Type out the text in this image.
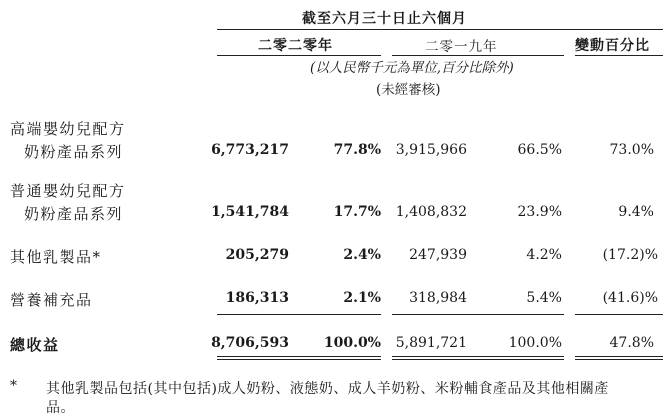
截至六月三十日止六個月
二零二零年	二零一九年	變動百分比
(以人民幣千元為單位,百分比除外)
(未經審核)
高端嬰幼兒配方
奶粉產品系列	6,773,217	77.8% 3,915,966	66.5%	73.0%
普通嬰幼兒配方
奶粉產品系列	1,541,784	17.7% 1,408,832	23.9%	9.4%
其他乳製品*	205,279	2.4% 247,939	4.2%	(17.2)%
營養補充品	186,313	2.1% 318,984	5.4%	(41.6)%
總收益	8,706,593 100.0% 5,891,721	100.0%	47.8%
* 其他乳製品包括(其中包括)成人奶粉、液態奶、成人羊奶粉、米粉輔食產品及其他相關產
品。
